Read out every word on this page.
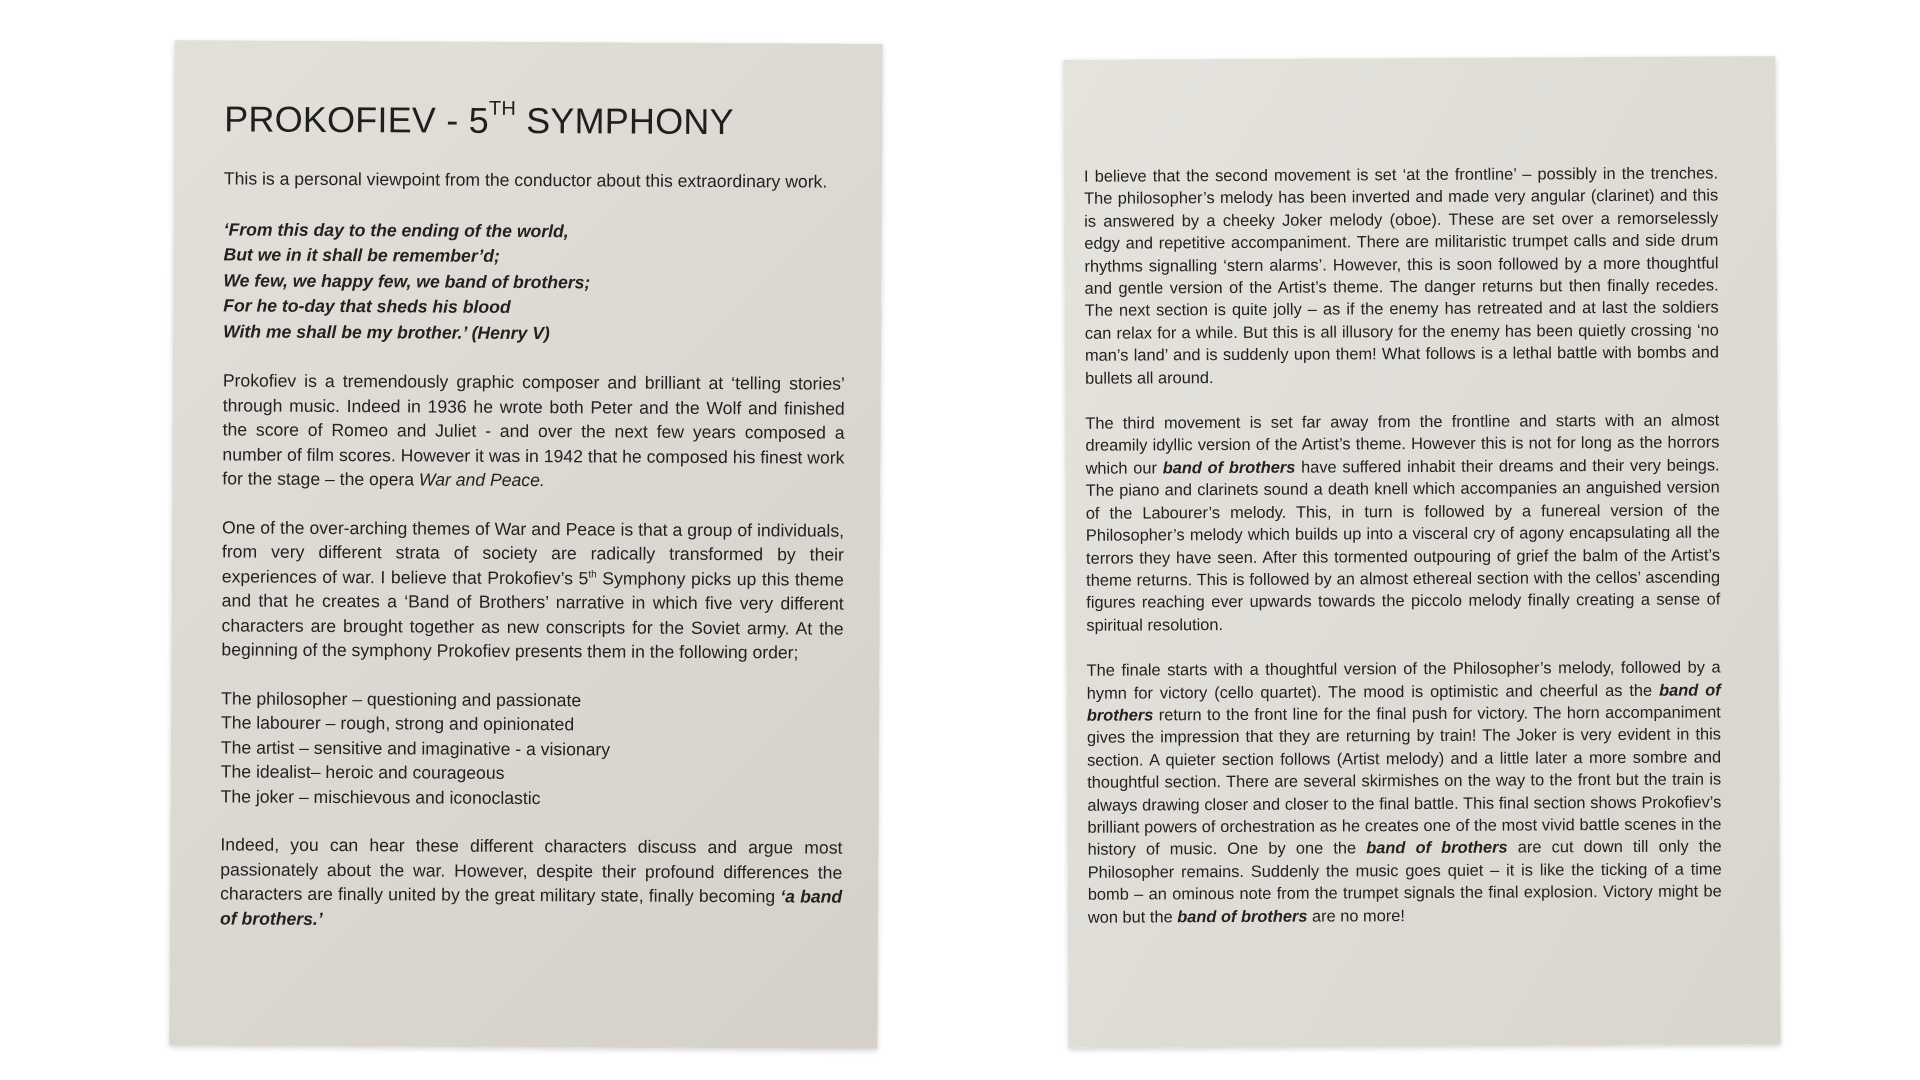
PROKOFIEV - 5TH SYMPHONY

This is a personal viewpoint from the conductor about this extraordinary work.

‘From this day to the ending of the world,
But we in it shall be remember’d;
We few, we happy few, we band of brothers;
For he to-day that sheds his blood
With me shall be my brother.’ (Henry V)

Prokofiev is a tremendously graphic composer and brilliant at ‘telling stories’ through music. Indeed in 1936 he wrote both Peter and the Wolf and finished the score of Romeo and Juliet - and over the next few years composed a number of film scores. However it was in 1942 that he composed his finest work for the stage – the opera War and Peace.

One of the over-arching themes of War and Peace is that a group of individuals, from very different strata of society are radically transformed by their experiences of war. I believe that Prokofiev’s 5th Symphony picks up this theme and that he creates a ‘Band of Brothers’ narrative in which five very different characters are brought together as new conscripts for the Soviet army. At the beginning of the symphony Prokofiev presents them in the following order;

The philosopher – questioning and passionate
The labourer – rough, strong and opinionated
The artist – sensitive and imaginative - a visionary
The idealist– heroic and courageous
The joker – mischievous and iconoclastic

Indeed, you can hear these different characters discuss and argue most passionately about the war. However, despite their profound differences the characters are finally united by the great military state, finally becoming ‘a band of brothers.’

I believe that the second movement is set ‘at the frontline’ – possibly in the trenches. The philosopher’s melody has been inverted and made very angular (clarinet) and this is answered by a cheeky Joker melody (oboe). These are set over a remorselessly edgy and repetitive accompaniment. There are militaristic trumpet calls and side drum rhythms signalling ‘stern alarms’. However, this is soon followed by a more thoughtful and gentle version of the Artist’s theme. The danger returns but then finally recedes. The next section is quite jolly – as if the enemy has retreated and at last the soldiers can relax for a while. But this is all illusory for the enemy has been quietly crossing ‘no man’s land’ and is suddenly upon them! What follows is a lethal battle with bombs and bullets all around.

The third movement is set far away from the frontline and starts with an almost dreamily idyllic version of the Artist’s theme. However this is not for long as the horrors which our band of brothers have suffered inhabit their dreams and their very beings. The piano and clarinets sound a death knell which accompanies an anguished version of the Labourer’s melody. This, in turn is followed by a funereal version of the Philosopher’s melody which builds up into a visceral cry of agony encapsulating all the terrors they have seen. After this tormented outpouring of grief the balm of the Artist’s theme returns. This is followed by an almost ethereal section with the cellos’ ascending figures reaching ever upwards towards the piccolo melody finally creating a sense of spiritual resolution.

The finale starts with a thoughtful version of the Philosopher’s melody, followed by a hymn for victory (cello quartet). The mood is optimistic and cheerful as the band of brothers return to the front line for the final push for victory. The horn accompaniment gives the impression that they are returning by train! The Joker is very evident in this section. A quieter section follows (Artist melody) and a little later a more sombre and thoughtful section. There are several skirmishes on the way to the front but the train is always drawing closer and closer to the final battle. This final section shows Prokofiev’s brilliant powers of orchestration as he creates one of the most vivid battle scenes in the history of music. One by one the band of brothers are cut down till only the Philosopher remains. Suddenly the music goes quiet – it is like the ticking of a time bomb – an ominous note from the trumpet signals the final explosion. Victory might be won but the band of brothers are no more!
